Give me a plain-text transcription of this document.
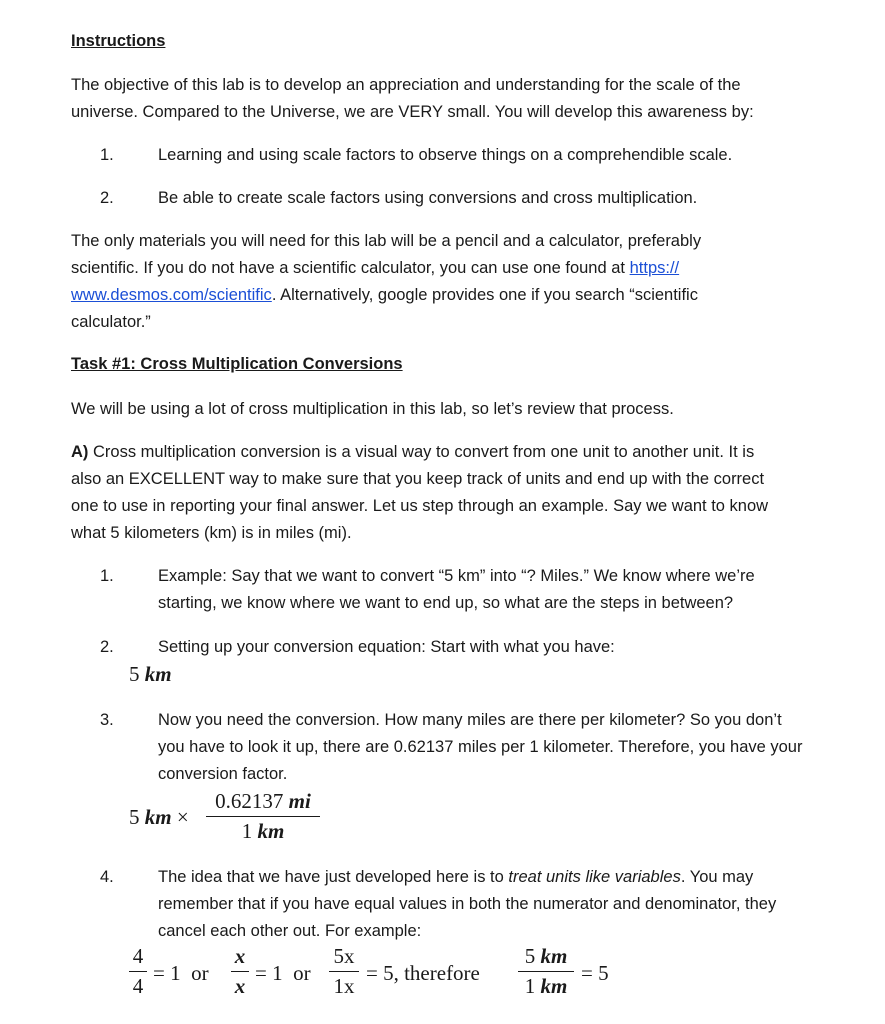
Instructions
The objective of this lab is to develop an appreciation and understanding for the scale of the
universe. Compared to the Universe, we are VERY small. You will develop this awareness by:
1.	Learning and using scale factors to observe things on a comprehendible scale.
2.	Be able to create scale factors using conversions and cross multiplication.
The only materials you will need for this lab will be a pencil and a calculator, preferably
scientific. If you do not have a scientific calculator, you can use one found at https://
www.desmos.com/scientific. Alternatively, google provides one if you search “scientific
calculator.”
Task #1: Cross Multiplication Conversions
We will be using a lot of cross multiplication in this lab, so let’s review that process.
A) Cross multiplication conversion is a visual way to convert from one unit to another unit. It is
also an EXCELLENT way to make sure that you keep track of units and end up with the correct
one to use in reporting your final answer. Let us step through an example. Say we want to know
what 5 kilometers (km) is in miles (mi).
1.	Example: Say that we want to convert “5 km” into “? Miles.” We know where we’re
starting, we know where we want to end up, so what are the steps in between?
2.	Setting up your conversion equation: Start with what you have:
5 km
3.	Now you need the conversion. How many miles are there per kilometer? So you don’t
you have to look it up, there are 0.62137 miles per 1 kilometer. Therefore, you have your
conversion factor.
5 km ×
0.62137 mi
1 km
4.	The idea that we have just developed here is to treat units like variables. You may
remember that if you have equal values in both the numerator and denominator, they
cancel each other out. For example:
4
4
= 1 or
x
x
= 1 or
5x
1x
= 5, therefore
5 km
1 km
= 5
